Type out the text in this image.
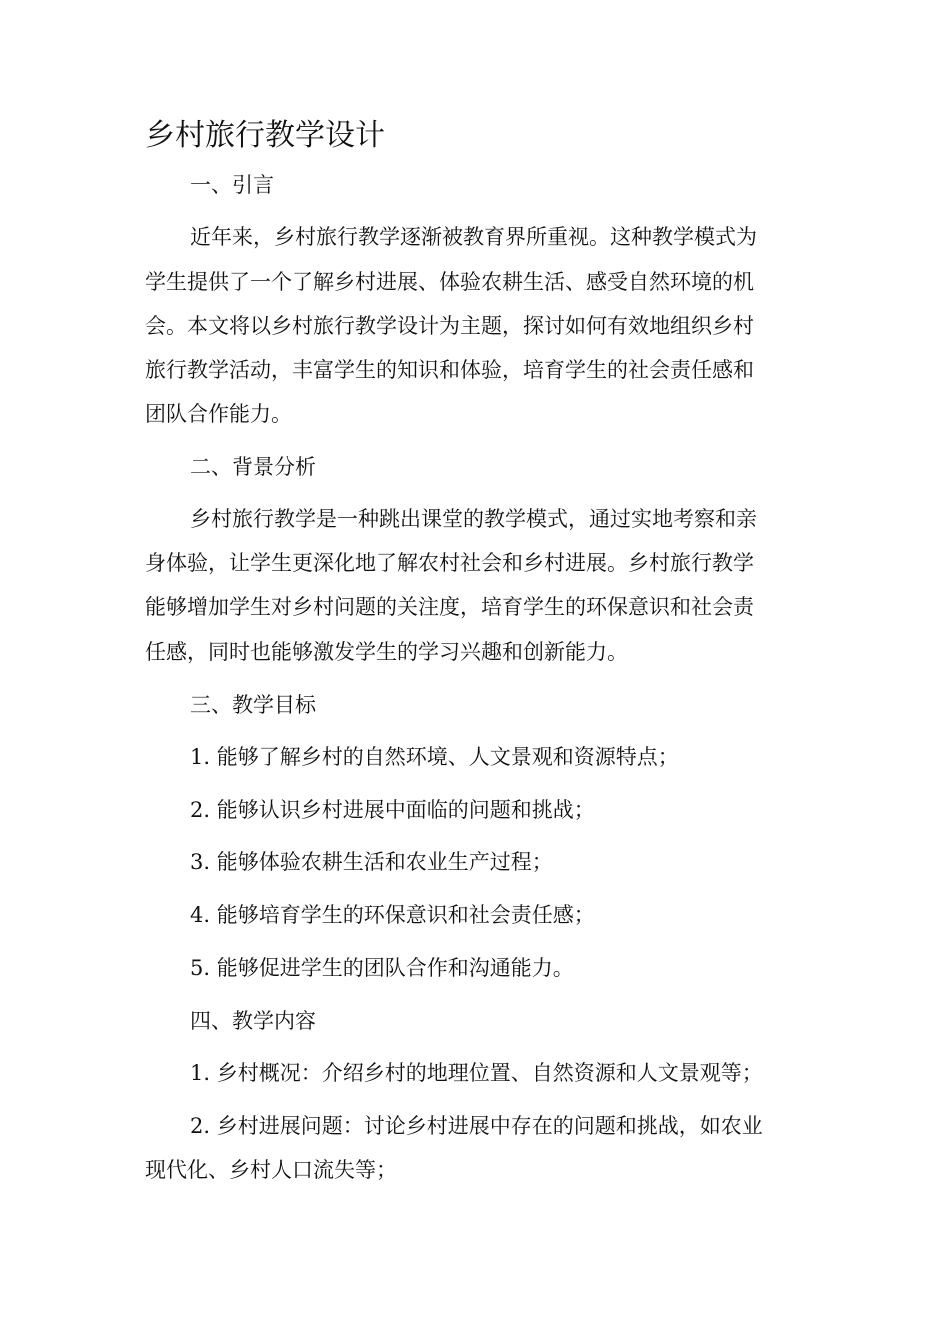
乡村旅行教学设计

一、引言

近年来，乡村旅行教学逐渐被教育界所重视。这种教学模式为

学生提供了一个了解乡村进展、体验农耕生活、感受自然环境的机

会。本文将以乡村旅行教学设计为主题，探讨如何有效地组织乡村

旅行教学活动，丰富学生的知识和体验，培育学生的社会责任感和

团队合作能力。

二、背景分析

乡村旅行教学是一种跳出课堂的教学模式，通过实地考察和亲

身体验，让学生更深化地了解农村社会和乡村进展。乡村旅行教学

能够增加学生对乡村问题的关注度，培育学生的环保意识和社会责

任感，同时也能够激发学生的学习兴趣和创新能力。

三、教学目标

1. 能够了解乡村的自然环境、人文景观和资源特点；

2. 能够认识乡村进展中面临的问题和挑战；

3. 能够体验农耕生活和农业生产过程；

4. 能够培育学生的环保意识和社会责任感；

5. 能够促进学生的团队合作和沟通能力。

四、教学内容

1. 乡村概况：介绍乡村的地理位置、自然资源和人文景观等；

2. 乡村进展问题：讨论乡村进展中存在的问题和挑战，如农业

现代化、乡村人口流失等；
